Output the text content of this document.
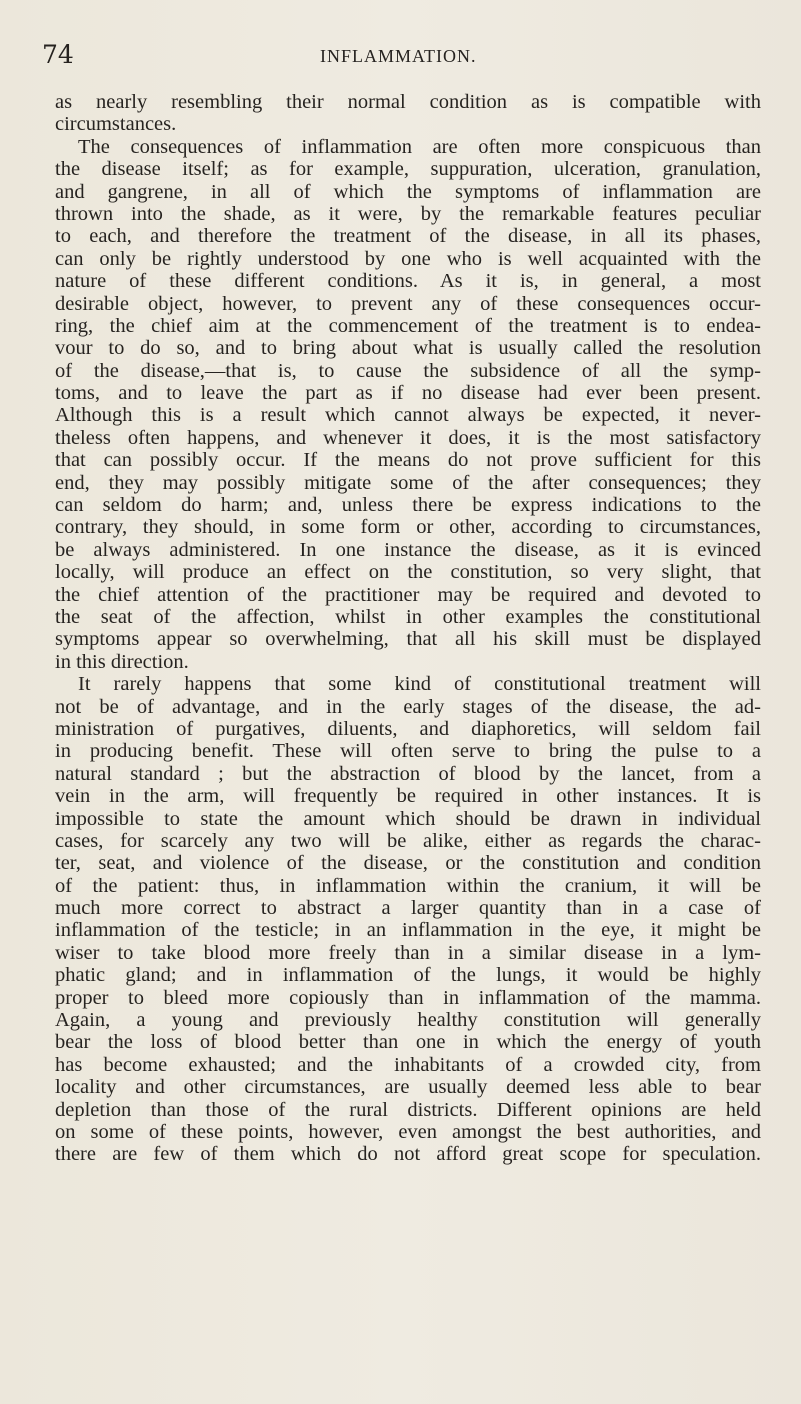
74	INFLAMMATION.
as nearly resembling their normal condition as is compatible with
circumstances.
The consequences of inflammation are often more conspicuous than
the disease itself; as for example, suppuration, ulceration, granulation,
and gangrene, in all of which the symptoms of inflammation are
thrown into the shade, as it were, by the remarkable features peculiar
to each, and therefore the treatment of the disease, in all its phases,
can only be rightly understood by one who is well acquainted with the
nature of these different conditions. As it is, in general, a most
desirable object, however, to prevent any of these consequences occur-
ring, the chief aim at the commencement of the treatment is to endea-
vour to do so, and to bring about what is usually called the resolution
of the disease,—that is, to cause the subsidence of all the symp-
toms, and to leave the part as if no disease had ever been present.
Although this is a result which cannot always be expected, it never-
theless often happens, and whenever it does, it is the most satisfactory
that can possibly occur. If the means do not prove sufficient for this
end, they may possibly mitigate some of the after consequences; they
can seldom do harm; and, unless there be express indications to the
contrary, they should, in some form or other, according to circumstances,
be always administered. In one instance the disease, as it is evinced
locally, will produce an effect on the constitution, so very slight, that
the chief attention of the practitioner may be required and devoted to
the seat of the affection, whilst in other examples the constitutional
symptoms appear so overwhelming, that all his skill must be displayed
in this direction.
It rarely happens that some kind of constitutional treatment will
not be of advantage, and in the early stages of the disease, the ad-
ministration of purgatives, diluents, and diaphoretics, will seldom fail
in producing benefit. These will often serve to bring the pulse to a
natural standard ; but the abstraction of blood by the lancet, from a
vein in the arm, will frequently be required in other instances. It is
impossible to state the amount which should be drawn in individual
cases, for scarcely any two will be alike, either as regards the charac-
ter, seat, and violence of the disease, or the constitution and condition
of the patient: thus, in inflammation within the cranium, it will be
much more correct to abstract a larger quantity than in a case of
inflammation of the testicle; in an inflammation in the eye, it might be
wiser to take blood more freely than in a similar disease in a lym-
phatic gland; and in inflammation of the lungs, it would be highly
proper to bleed more copiously than in inflammation of the mamma.
Again, a young and previously healthy constitution will generally
bear the loss of blood better than one in which the energy of youth
has become exhausted; and the inhabitants of a crowded city, from
locality and other circumstances, are usually deemed less able to bear
depletion than those of the rural districts. Different opinions are held
on some of these points, however, even amongst the best authorities, and
there are few of them which do not afford great scope for speculation.
